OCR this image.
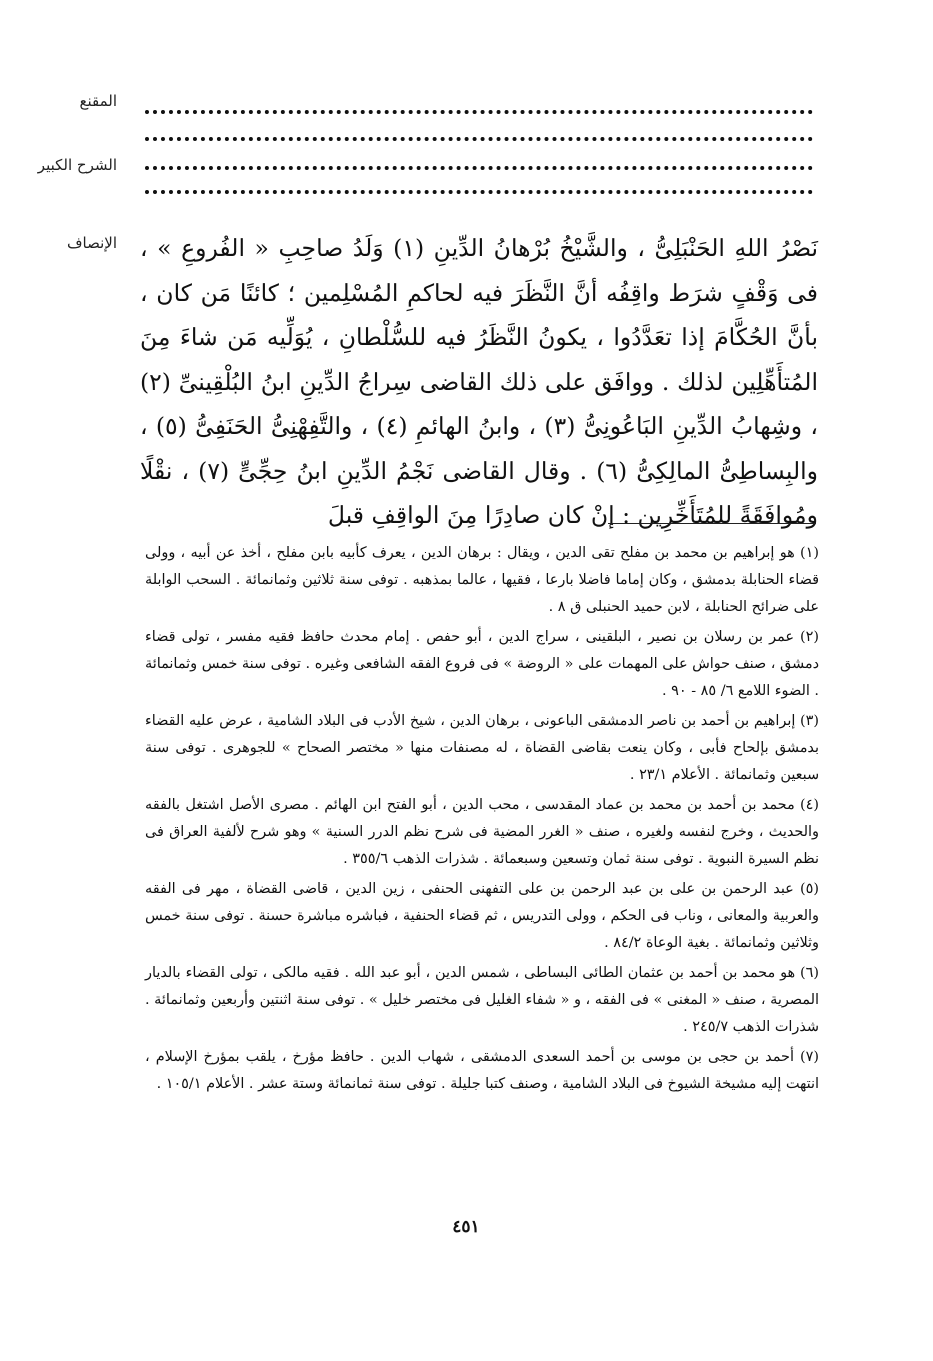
المقنع
الشرح الكبير
الإنصاف نَصْرُ اللهِ الحَنْبَلِىُّ ، والشَّيْخُ بُرْهانُ الدِّينِ (١) وَلَدُ صاحِبِ « الفُروعِ » ، فى وَقْفٍ شرَط واقِفُه أنَّ النَّظَرَ فيه لحاكمِ المُسْلِمين ؛ كائنًا مَن كان ، بأنَّ الحُكَّامَ إذا تعَدَّدُوا ، يكونُ النَّظَرُ فيه للسُّلْطانِ ، يُوَلِّيه مَن شاءَ مِنَ المُتأَهِّلِين لذلك . ووافَق على ذلك القاضى سِراجُ الدِّينِ ابنُ البُلْقِينىِّ (٢) ، وشِهابُ الدِّينِ البَاعُونِىُّ (٣) ، وابنُ الهائمِ (٤) ، والتَّفِهْنِىُّ الحَنَفِىُّ (٥) ، والبِساطِىُّ المالِكِىُّ (٦) . وقال القاضى نَجْمُ الدِّينِ ابنُ حِجِّىٍّ (٧) ، نقْلًا ومُوافَقَةً للمُتَأَخِّرِين : إنْ كان صادِرًا مِنَ الواقِفِ قبلَ
(١) هو إبراهيم بن محمد بن مفلح تقى الدين ، ويقال : برهان الدين ، يعرف كأبيه بابن مفلح ، أخذ عن أبيه ، وولى قضاء الحنابلة بدمشق ، وكان إماما فاضلا بارعا ، فقيها ، عالما بمذهبه . توفى سنة ثلاثين وثمانمائة . السحب الوابلة على ضرائح الحنابلة ، لابن حميد الحنبلى ق ٨ .
(٢) عمر بن رسلان بن نصير ، البلقينى ، سراج الدين ، أبو حفص . إمام محدث حافظ فقيه مفسر ، تولى قضاء دمشق ، صنف حواش على المهمات على « الروضة » فى فروع الفقه الشافعى وغيره . توفى سنة خمس وثمانمائة . الضوء اللامع ٦/ ٨٥ - ٩٠ .
(٣) إبراهيم بن أحمد بن ناصر الدمشقى الباعونى ، برهان الدين ، شيخ الأدب فى البلاد الشامية ، عرض عليه القضاء بدمشق بإلحاح فأبى ، وكان ينعت بقاضى القضاة ، له مصنفات منها « مختصر الصحاح » للجوهرى . توفى سنة سبعين وثمانمائة . الأعلام ٢٣/١ .
(٤) محمد بن أحمد بن محمد بن عماد المقدسى ، محب الدين ، أبو الفتح ابن الهائم . مصرى الأصل اشتغل بالفقه والحديث ، وخرج لنفسه ولغيره ، صنف « الغرر المضية فى شرح نظم الدرر السنية » وهو شرح لألفية العراق فى نظم السيرة النبوية . توفى سنة ثمان وتسعين وسبعمائة . شذرات الذهب ٣٥٥/٦ .
(٥) عبد الرحمن بن على بن عبد الرحمن بن على التفهنى الحنفى ، زين الدين ، قاضى القضاة ، مهر فى الفقه والعربية والمعانى ، وناب فى الحكم ، وولى التدريس ، ثم قضاء الحنفية ، فباشره مباشرة حسنة . توفى سنة خمس وثلاثين وثمانمائة . بغية الوعاة ٨٤/٢ .
(٦) هو محمد بن أحمد بن عثمان الطائى البساطى ، شمس الدين ، أبو عبد الله . فقيه مالكى ، تولى القضاء بالديار المصرية ، صنف « المغنى » فى الفقه ، و « شفاء الغليل فى مختصر خليل » . توفى سنة اثنتين وأربعين وثمانمائة . شذرات الذهب ٢٤٥/٧ .
(٧) أحمد بن حجى بن موسى بن أحمد السعدى الدمشقى ، شهاب الدين . حافظ مؤرخ ، يلقب بمؤرخ الإسلام ، انتهت إليه مشيخة الشيوخ فى البلاد الشامية ، وصنف كتبا جليلة . توفى سنة ثمانمائة وستة عشر . الأعلام ١٠٥/١ .
٤٥١
